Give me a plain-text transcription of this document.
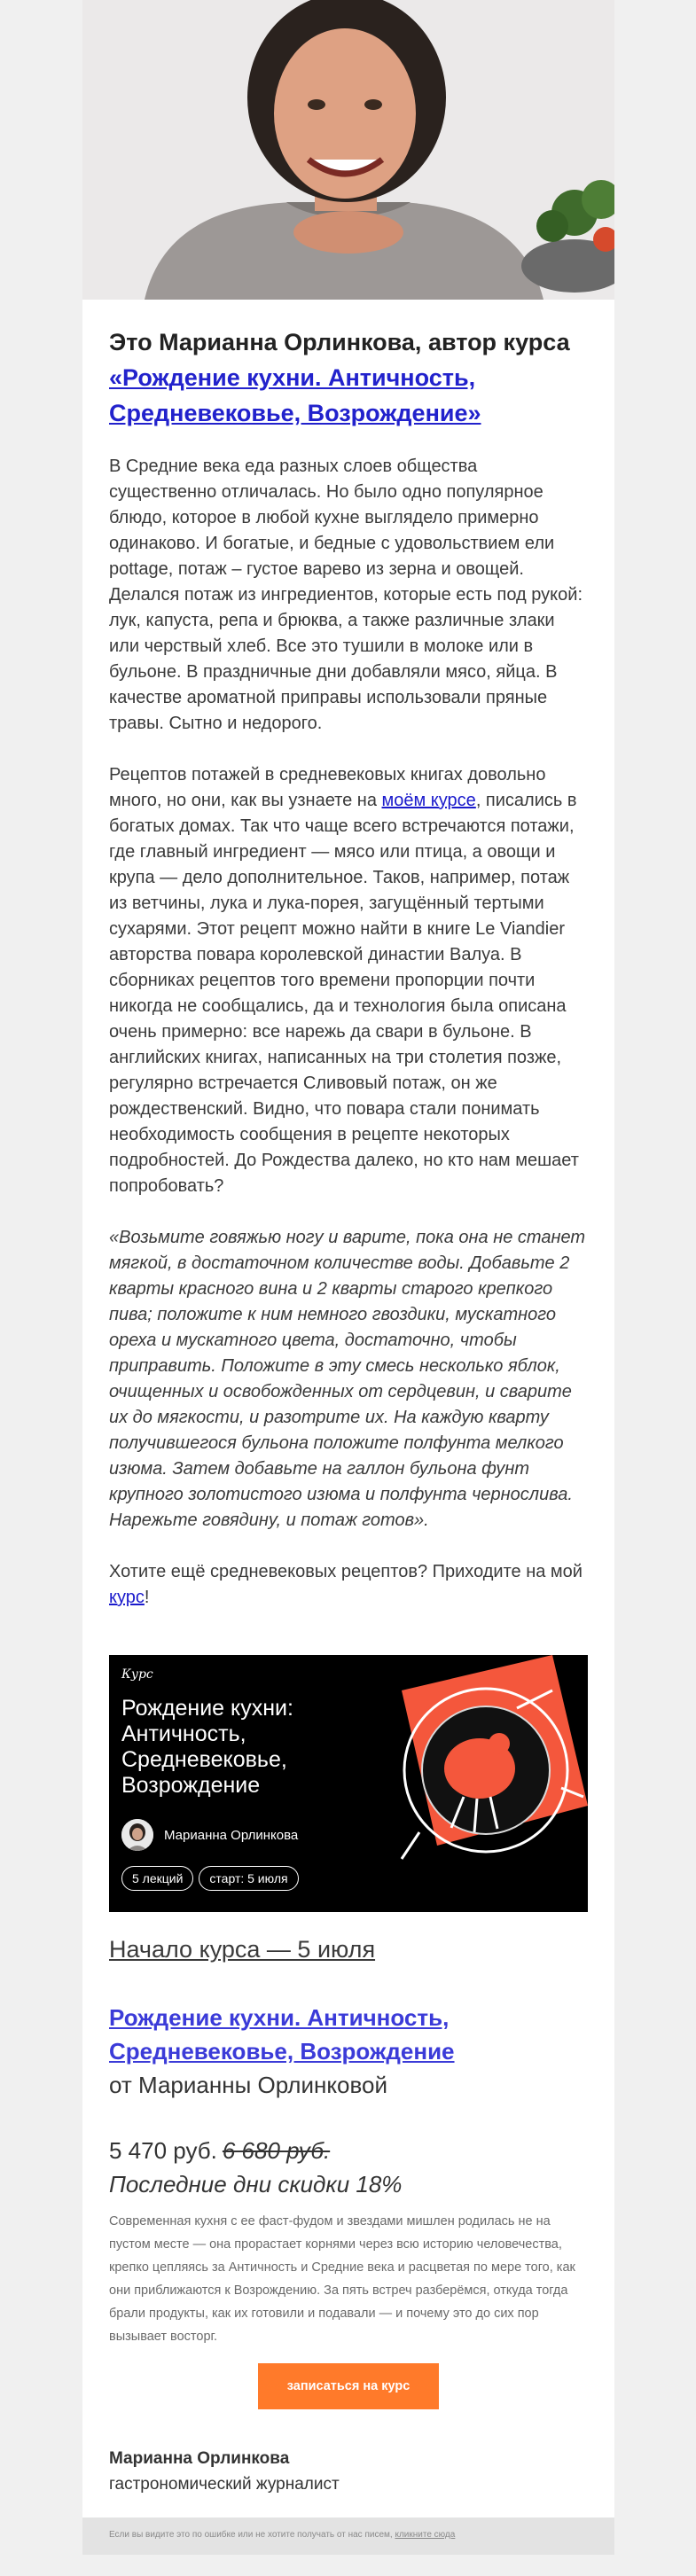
Это Марианна Орлинкова, автор курса
«Рождение кухни. Античность, Средневековье, Возрождение»

В Средние века еда разных слоев общества существенно отличалась. Но было одно популярное блюдо, которое в любой кухне выглядело примерно одинаково. И богатые, и бедные с удовольствием ели pottage, потаж – густое варево из зерна и овощей. Делался потаж из ингредиентов, которые есть под рукой: лук, капуста, репа и брюква, а также различные злаки или черствый хлеб. Все это тушили в молоке или в бульоне. В праздничные дни добавляли мясо, яйца. В качестве ароматной приправы использовали пряные травы. Сытно и недорого.

Рецептов потажей в средневековых книгах довольно много, но они, как вы узнаете на моём курсе, писались в богатых домах. Так что чаще всего встречаются потажи, где главный ингредиент — мясо или птица, а овощи и крупа — дело дополнительное. Таков, например, потаж из ветчины, лука и лука-порея, загущённый тертыми сухарями. Этот рецепт можно найти в книге Le Viandier авторства повара королевской династии Валуа. В сборниках рецептов того времени пропорции почти никогда не сообщались, да и технология была описана очень примерно: все нарежь да свари в бульоне. В английских книгах, написанных на три столетия позже, регулярно встречается Сливовый потаж, он же рождественский. Видно, что повара стали понимать необходимость сообщения в рецепте некоторых подробностей. До Рождества далеко, но кто нам мешает попробовать?

«Возьмите говяжью ногу и варите, пока она не станет мягкой, в достаточном количестве воды. Добавьте 2 кварты красного вина и 2 кварты старого крепкого пива; положите к ним немного гвоздики, мускатного ореха и мускатного цвета, достаточно, чтобы приправить. Положите в эту смесь несколько яблок, очищенных и освобожденных от сердцевин, и сварите их до мягкости, и разотрите их. На каждую кварту получившегося бульона положите полфунта мелкого изюма. Затем добавьте на галлон бульона фунт крупного золотистого изюма и полфунта чернослива. Нарежьте говядину, и потаж готов».

Хотите ещё средневековых рецептов? Приходите на мой курс!

Курс
Рождение кухни: Античность, Средневековье, Возрождение
Марианна Орлинкова
5 лекций	старт: 5 июля
Начало курса — 5 июля
Рождение кухни. Античность, Средневековье, Возрождение
от Марианны Орлинковой
5 470 руб. 6 680 руб.
Последние дни скидки 18%
Современная кухня с ее фаст-фудом и звездами мишлен родилась не на пустом месте — она прорастает корнями через всю историю человечества, крепко цепляясь за Античность и Средние века и расцветая по мере того, как они приближаются к Возрождению. За пять встреч разберёмся, откуда тогда брали продукты, как их готовили и подавали — и почему это до сих пор вызывает восторг.
записаться на курс
Марианна Орлинкова
гастрономический журналист
Если вы видите это по ошибке или не хотите получать от нас писем, кликните сюда
